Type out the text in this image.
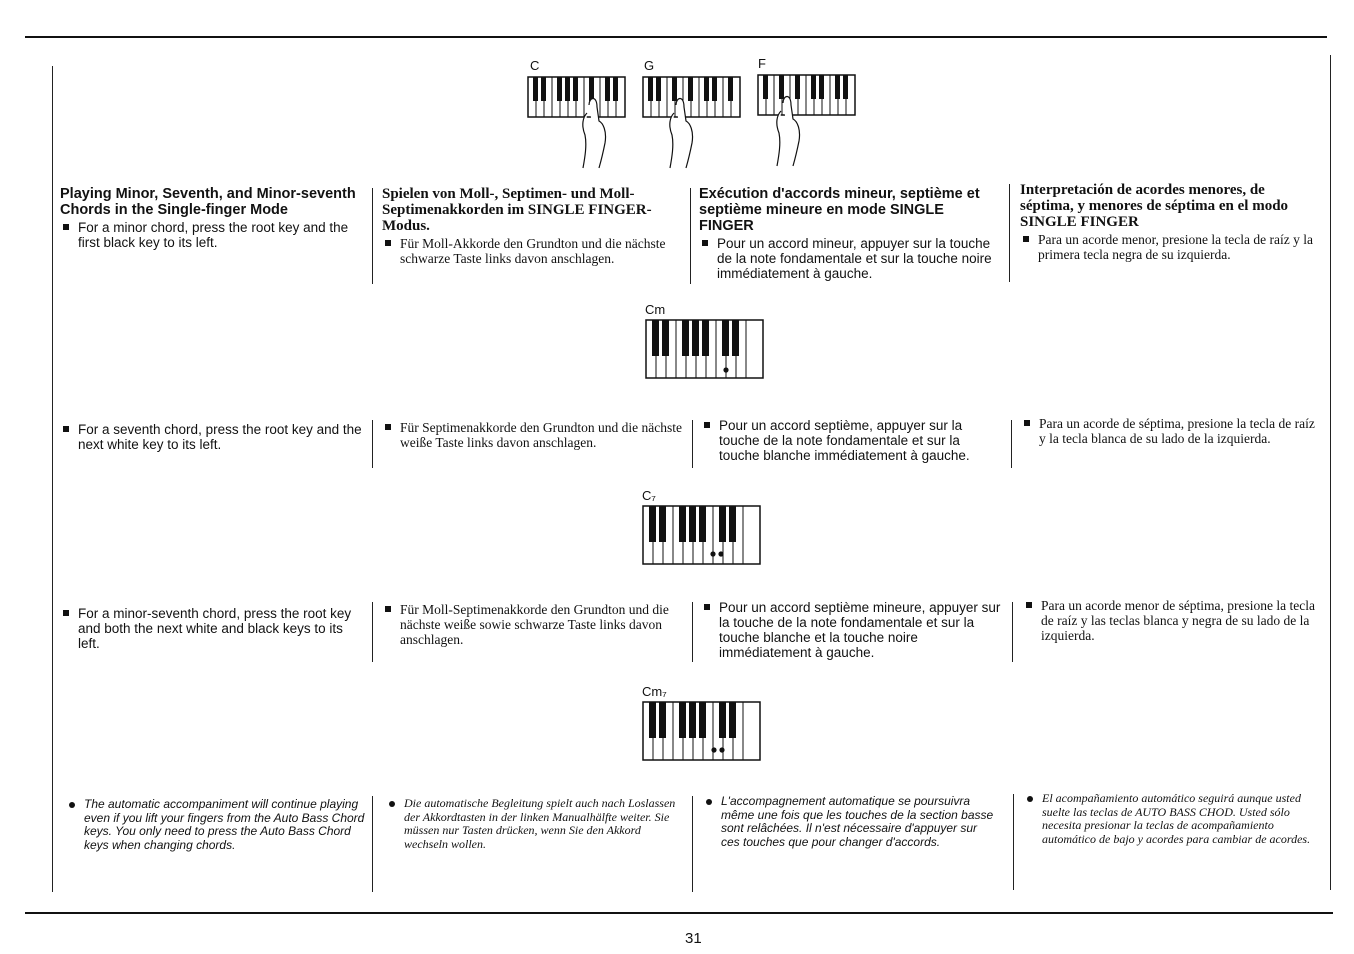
C	G	F

Playing Minor, Seventh, and Minor-seventh Chords in the Single-finger Mode

For a minor chord, press the root key and the first black key to its left.

Spielen von Moll-, Septimen- und Moll-Septimenakkorden im SINGLE FINGER-Modus.

Für Moll-Akkorde den Grundton und die nächste schwarze Taste links davon anschlagen.

Exécution d'accords mineur, septième et septième mineure en mode SINGLE FINGER

Pour un accord mineur, appuyer sur la touche de la note fondamentale et sur la touche noire immédiatement à gauche.

Interpretación de acordes menores, de séptima, y menores de séptima en el modo SINGLE FINGER

Para un acorde menor, presione la tecla de raíz y la primera tecla negra de su izquierda.

Cm

For a seventh chord, press the root key and the next white key to its left.

Für Septimenakkorde den Grundton und die nächste weiße Taste links davon anschlagen.

Pour un accord septième, appuyer sur la touche de la note fondamentale et sur la touche blanche immédiatement à gauche.

Para un acorde de séptima, presione la tecla de raíz y la tecla blanca de su lado de la izquierda.

C₇

For a minor-seventh chord, press the root key and both the next white and black keys to its left.

Für Moll-Septimenakkorde den Grundton und die nächste weiße sowie schwarze Taste links davon anschlagen.

Pour un accord septième mineure, appuyer sur la touche de la note fondamentale et sur la touche blanche et la touche noire immédiatement à gauche.

Para un acorde menor de séptima, presione la tecla de raíz y las teclas blanca y negra de su lado de la izquierda.

Cm₇

The automatic accompaniment will continue playing even if you lift your fingers from the Auto Bass Chord keys. You only need to press the Auto Bass Chord keys when changing chords.

Die automatische Begleitung spielt auch nach Loslassen der Akkordtasten in der linken Manualhälfte weiter. Sie müssen nur Tasten drücken, wenn Sie den Akkord wechseln wollen.

L'accompagnement automatique se poursuivra même une fois que les touches de la section basse sont relâchées. Il n'est nécessaire d'appuyer sur ces touches que pour changer d'accords.

El acompañamiento automático seguirá aunque usted suelte las teclas de AUTO BASS CHOD. Usted sólo necesita presionar la teclas de acompañamiento automático de bajo y acordes para cambiar de acordes.

31
